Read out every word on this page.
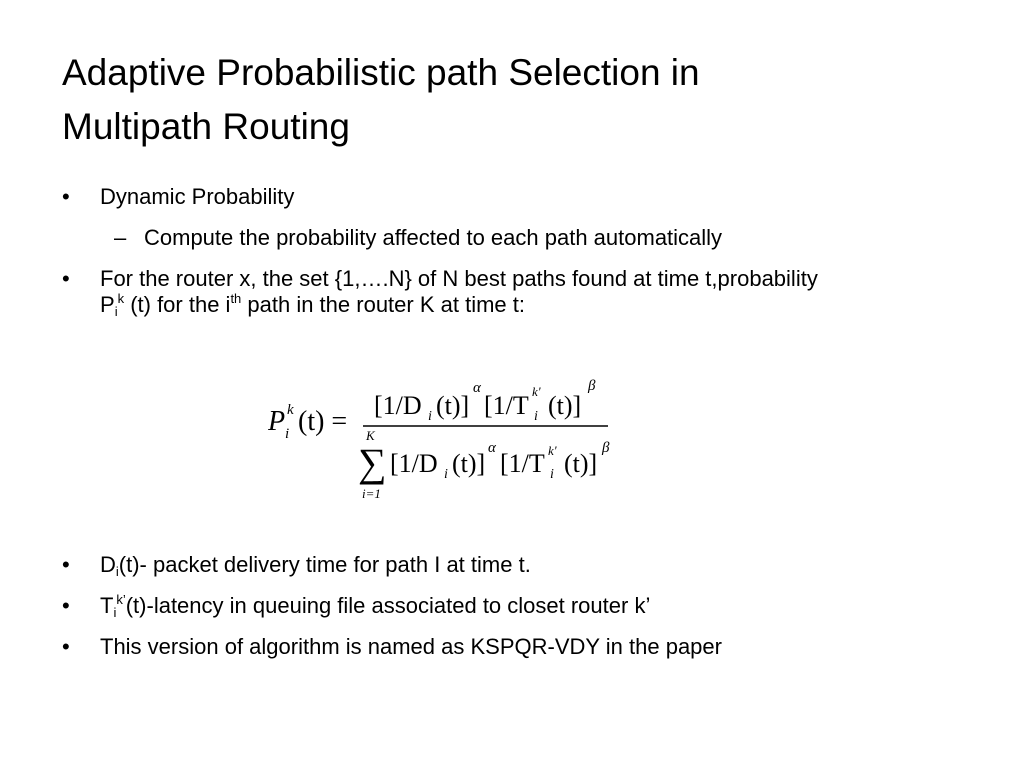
Adaptive Probabilistic path Selection in
Multipath Routing
•	Dynamic Probability
– Compute the probability affected to each path automatically
•	For the router x, the set {1,….N} of N best paths found at time t,probability
$P_i^k$ (t) for the $i^{th}$ path in the router K at time t:
P i
k (t) =
[1/D i (t)]
α
[1/T i
k' (t)]
β
K
∑
i=1
[1/D i (t)]
α
[1/T i
k' (t)]
β
•	$D_i(t)-$ packet delivery time for path I at time t.
•	$T_i^{k’}(t)$-latency in queuing file associated to closet router k’
•	This version of algorithm is named as KSPQR-VDY in the paper
